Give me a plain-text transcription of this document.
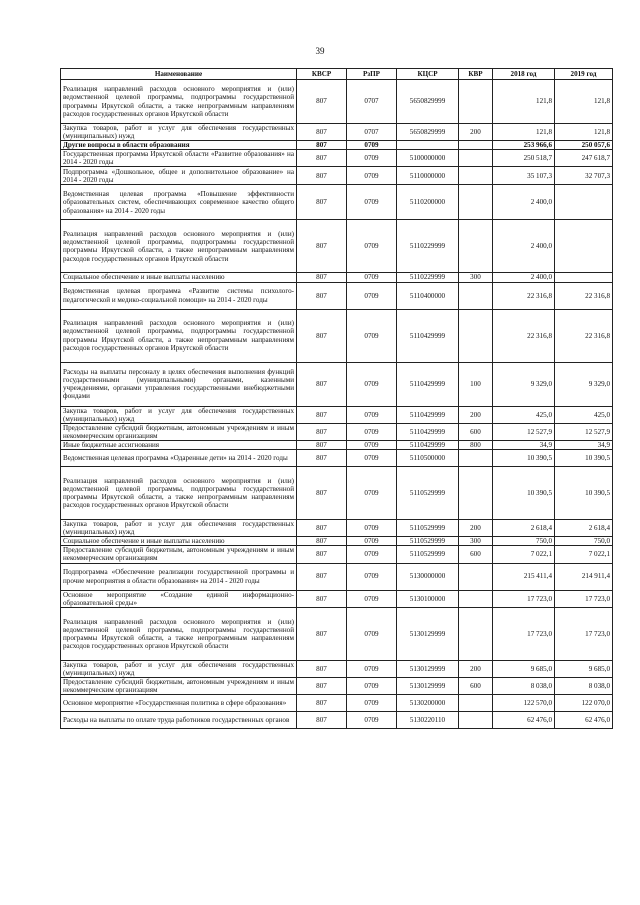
39
Наименование	КВСР	РзПР	КЦСР	КВР	2018 год	2019 год
Реализация направлений расходов основного мероприятия и (или) ведомственной целевой программы, подпрограммы государственной программы Иркутской области, а также непрограммным направлениям расходов государственных органов Иркутской области	807	0707	5650829999		121,8	121,8
Закупка товаров, работ и услуг для обеспечения государственных (муниципальных) нужд	807	0707	5650829999	200	121,8	121,8
Другие вопросы в области образования	807	0709			253 966,6	250 057,6
Государственная программа Иркутской области «Развитие образования» на 2014 - 2020 годы	807	0709	5100000000		250 518,7	247 618,7
Подпрограмма «Дошкольное, общее и дополнительное образование» на 2014 - 2020 годы	807	0709	5110000000		35 107,3	32 707,3
Ведомственная целевая программа «Повышение эффективности образовательных систем, обеспечивающих современное качество общего образования» на 2014 - 2020 годы	807	0709	5110200000		2 400,0	
Реализация направлений расходов основного мероприятия и (или) ведомственной целевой программы, подпрограммы государственной программы Иркутской области, а также непрограммным направлениям расходов государственных органов Иркутской области	807	0709	5110229999		2 400,0	
Социальное обеспечение и иные выплаты населению	807	0709	5110229999	300	2 400,0	
Ведомственная целевая программа «Развитие системы психолого-педагогической и медико-социальной помощи» на 2014 - 2020 годы	807	0709	5110400000		22 316,8	22 316,8
Реализация направлений расходов основного мероприятия и (или) ведомственной целевой программы, подпрограммы государственной программы Иркутской области, а также непрограммным направлениям расходов государственных органов Иркутской области	807	0709	5110429999		22 316,8	22 316,8
Расходы на выплаты персоналу в целях обеспечения выполнения функций государственными (муниципальными) органами, казенными учреждениями, органами управления государственными внебюджетными фондами	807	0709	5110429999	100	9 329,0	9 329,0
Закупка товаров, работ и услуг для обеспечения государственных (муниципальных) нужд	807	0709	5110429999	200	425,0	425,0
Предоставление субсидий бюджетным, автономным учреждениям и иным некоммерческим организациям	807	0709	5110429999	600	12 527,9	12 527,9
Иные бюджетные ассигнования	807	0709	5110429999	800	34,9	34,9
Ведомственная целевая программа «Одаренные дети» на 2014 - 2020 годы	807	0709	5110500000		10 390,5	10 390,5
Реализация направлений расходов основного мероприятия и (или) ведомственной целевой программы, подпрограммы государственной программы Иркутской области, а также непрограммным направлениям расходов государственных органов Иркутской области	807	0709	5110529999		10 390,5	10 390,5
Закупка товаров, работ и услуг для обеспечения государственных (муниципальных) нужд	807	0709	5110529999	200	2 618,4	2 618,4
Социальное обеспечение и иные выплаты населению	807	0709	5110529999	300	750,0	750,0
Предоставление субсидий бюджетным, автономным учреждениям и иным некоммерческим организациям	807	0709	5110529999	600	7 022,1	7 022,1
Подпрограмма «Обеспечение реализации государственной программы и прочие мероприятия в области образования» на 2014 - 2020 годы	807	0709	5130000000		215 411,4	214 911,4
Основное мероприятие «Создание единой информационно-образовательной среды»	807	0709	5130100000		17 723,0	17 723,0
Реализация направлений расходов основного мероприятия и (или) ведомственной целевой программы, подпрограммы государственной программы Иркутской области, а также непрограммным направлениям расходов государственных органов Иркутской области	807	0709	5130129999		17 723,0	17 723,0
Закупка товаров, работ и услуг для обеспечения государственных (муниципальных) нужд	807	0709	5130129999	200	9 685,0	9 685,0
Предоставление субсидий бюджетным, автономным учреждениям и иным некоммерческим организациям	807	0709	5130129999	600	8 038,0	8 038,0
Основное мероприятие «Государственная политика в сфере образования»	807	0709	5130200000		122 570,0	122 070,0
Расходы на выплаты по оплате труда работников государственных органов	807	0709	5130220110		62 476,0	62 476,0
